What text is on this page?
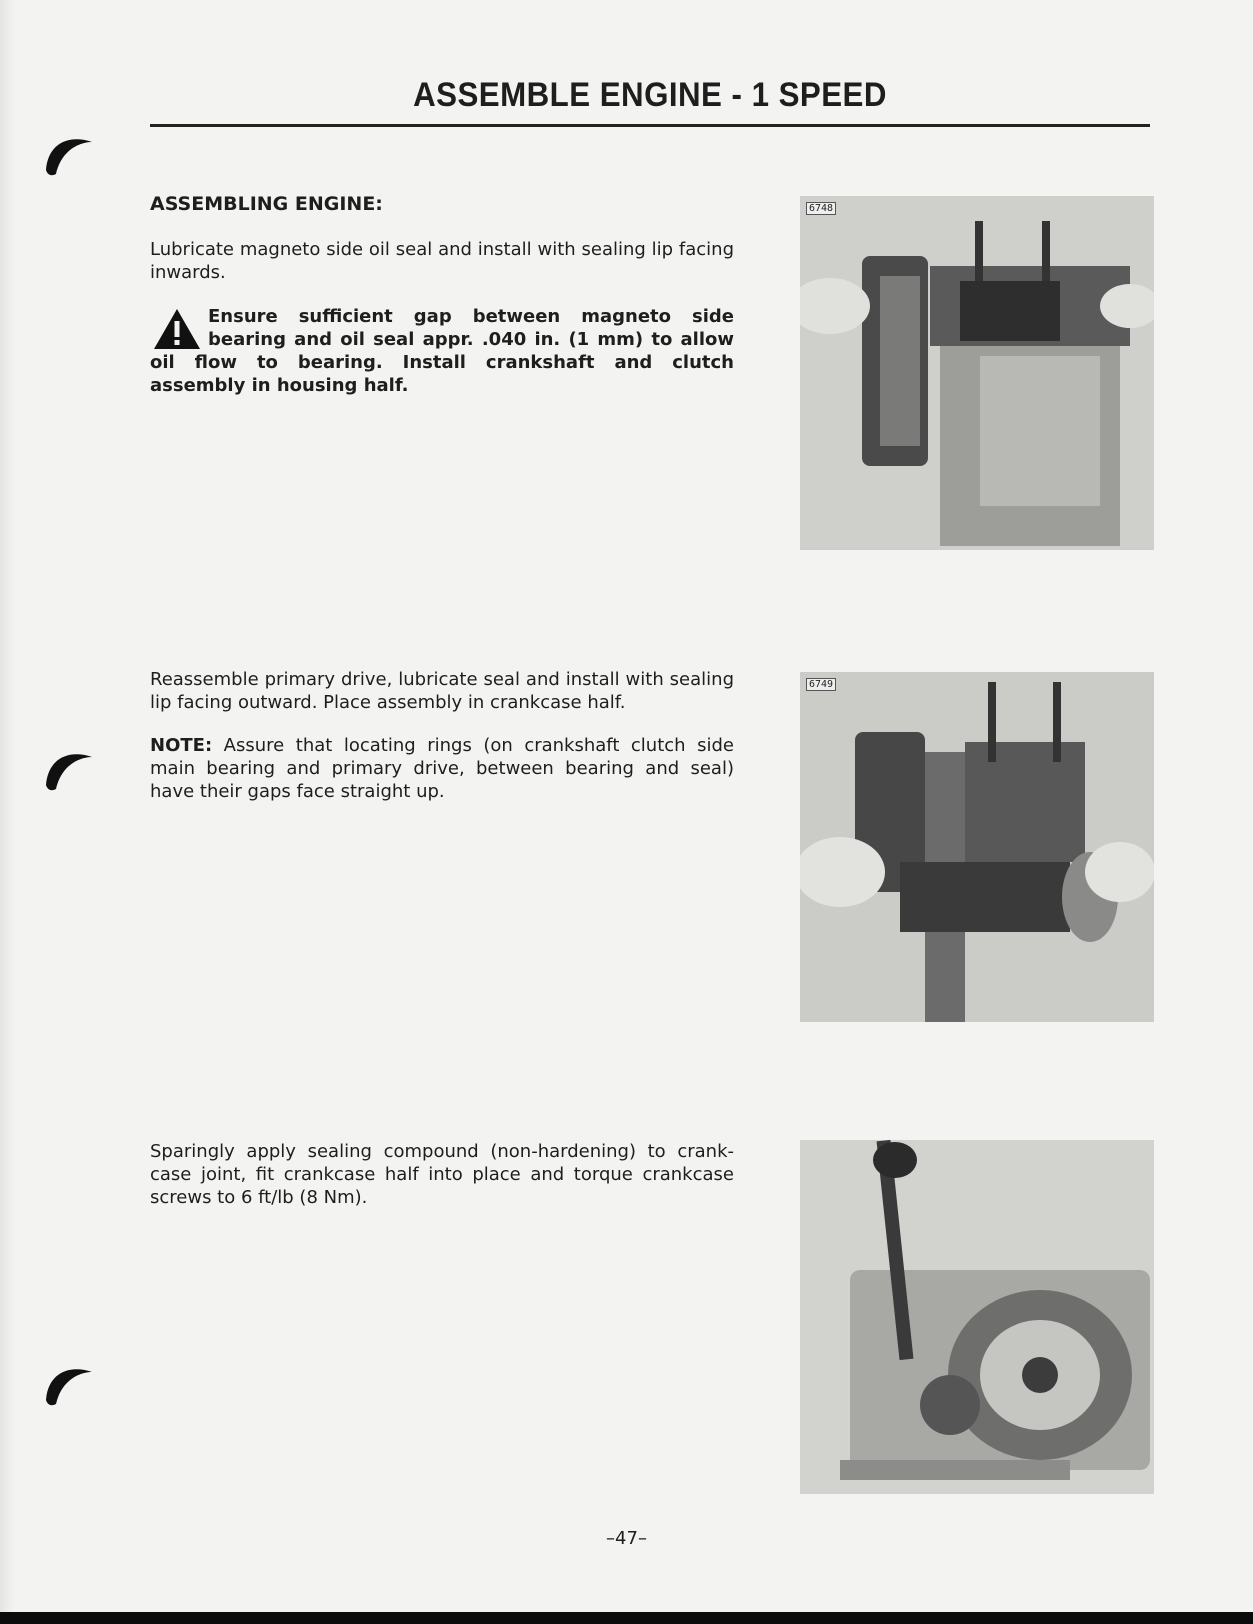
ASSEMBLE ENGINE - 1 SPEED
ASSEMBLING ENGINE:
Lubricate magneto side oil seal and install with sealing lip facing inwards.
Ensure sufficient gap between magneto side bearing and oil seal appr. .040 in. (1 mm) to allow oil flow to bearing. Install crankshaft and clutch assembly in housing half.
Reassemble primary drive, lubricate seal and install with sealing lip facing outward. Place assembly in crankcase half.
NOTE: Assure that locating rings (on crankshaft clutch side main bearing and primary drive, between bearing and seal) have their gaps face straight up.
Sparingly apply sealing compound (non-hardening) to crank-case joint, fit crankcase half into place and torque crankcase screws to 6 ft/lb (8 Nm).
6748
6749
–47–
